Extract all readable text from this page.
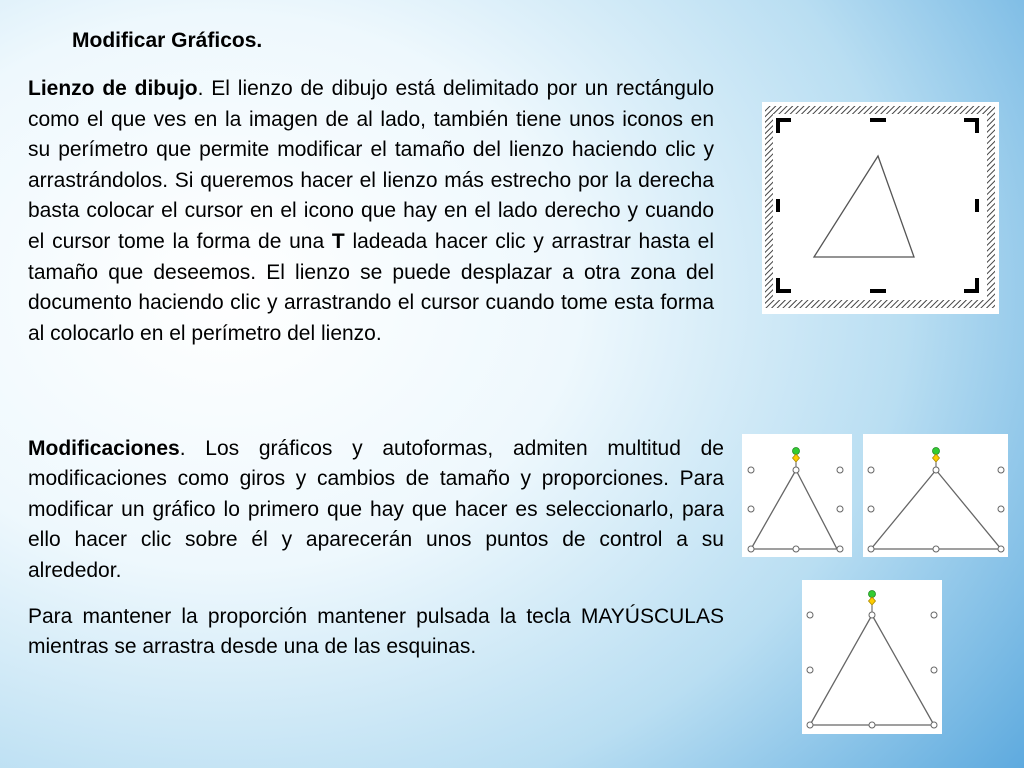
Modificar Gráficos.

Lienzo de dibujo. El lienzo de dibujo está delimitado por un rectángulo como el que ves en la imagen de al lado, también tiene unos iconos en su perímetro que permite modificar el tamaño del lienzo haciendo clic y arrastrándolos. Si queremos hacer el lienzo más estrecho por la derecha basta colocar el cursor en el icono que hay en el lado derecho y cuando el cursor tome la forma de una T ladeada hacer clic y arrastrar hasta el tamaño que deseemos. El lienzo se puede desplazar a otra zona del documento haciendo clic y arrastrando el cursor cuando tome esta forma al colocarlo en el perímetro del lienzo.

Modificaciones. Los gráficos y autoformas, admiten multitud de modificaciones como giros y cambios de tamaño y proporciones. Para modificar un gráfico lo primero que hay que hacer es seleccionarlo, para ello hacer clic sobre él y aparecerán unos puntos de control a su alrededor.

Para mantener la proporción mantener pulsada la tecla MAYÚSCULAS mientras se arrastra desde una de las esquinas.
